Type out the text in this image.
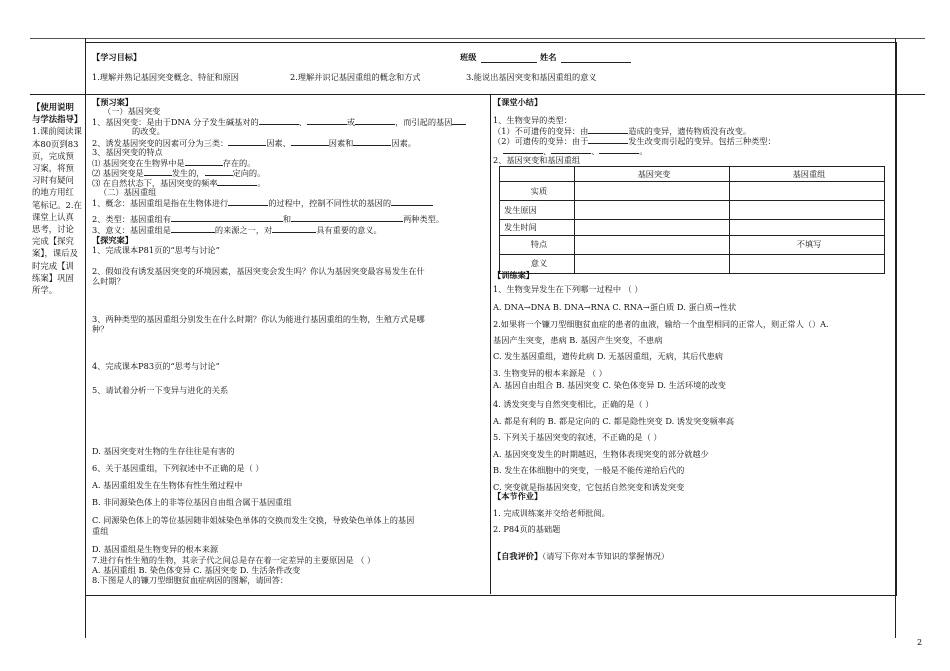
【学习目标】	班级	姓名
1.理解并熟记基因突变概念、特征和原因	2.理解并识记基因重组的概念和方式	3.能说出基因突变和基因重组的意义
【使用说明与学法指导】1.课前阅读课本80页到83页，完成预习案，将预习时有疑问的地方用红笔标记。2.在课堂上认真思考，讨论完成【探究案】，课后及时完成【训练案】巩固所学。
【预习案】
（一）基因突变
1、基因突变：是由于DNA 分子发生碱基对的	、	或	，而引起的基因
的改变。
2、诱发基因突变的因素可分为三类：	因素、	因素和	因素。
3、基因突变的特点
⑴ 基因突变在生物界中是	存在的。
⑵ 基因突变是	发生的，	定向的。
⑶ 在自然状态下，基因突变的频率	。
（二）基因重组
1、概念：基因重组是指在生物体进行	的过程中，控制不同性状的基因的
2、类型：基因重组有	和	两种类型。
3、意义：基因重组是	的来源之一，对	具有重要的意义。
【探究案】
1、完成课本P81页的“思考与讨论”
2、假如没有诱发基因突变的环境因素，基因突变会发生吗？你认为基因突变最容易发生在什
么时期？
3、两种类型的基因重组分别发生在什么时期？你认为能进行基因重组的生物，生殖方式是哪
种？
4、完成课本P83页的“思考与讨论”
5、请试着分析一下变异与进化的关系
D. 基因突变对生物的生存往往是有害的
6、关于基因重组，下列叙述中不正确的是（ ）
A. 基因重组发生在生物体有性生殖过程中
B. 非同源染色体上的非等位基因自由组合属于基因重组
C. 同源染色体上的等位基因随非姐妹染色单体的交换而发生交换，导致染色单体上的基因
重组
D. 基因重组是生物变异的根本来源
7.进行有性生殖的生物，其亲子代之间总是存在着一定差异的主要原因是 （ ）
A. 基因重组 B. 染色体变异 C. 基因突变 D. 生活条件改变
8.下图是人的镰刀型细胞贫血症病因的图解，请回答：
【课堂小结】
1、生物变异的类型：
（1）不可遗传的变异：由	造成的变异，遗传物质没有改变。
（2）可遗传的变异：由于	发生改变而引起的变异。包括三种类型：
、	、	。
2、基因突变和基因重组
	基因突变	基因重组
实质		
发生原因		
发生时间		
特点		不填写
意义		
【训练案】
1、生物变异发生在下列哪一过程中 （ ）
A. DNA→DNA B. DNA→RNA C. RNA→蛋白质 D. 蛋白质→性状
2.如果将一个镰刀型细胞贫血症的患者的血液，输给一个血型相同的正常人，则正常人（）A.
基因产生突变，患病 B. 基因产生突变，不患病
C. 发生基因重组，遗传此病 D. 无基因重组，无病，其后代患病
3. 生物变异的根本来源是 （ ）
A. 基因自由组合 B. 基因突变 C. 染色体变异 D. 生活环境的改变
4. 诱发突变与自然突变相比，正确的是（ ）
A. 都是有利的 B. 都是定向的 C. 都是隐性突变 D. 诱发突变频率高
5. 下列关于基因突变的叙述，不正确的是（ ）
A. 基因突变发生的时期越迟，生物体表现突变的部分就越少
B. 发生在体细胞中的突变，一般是不能传递给后代的
C. 突变就是指基因突变，它包括自然突变和诱发突变
【本节作业】
1. 完成训练案并交给老师批阅。
2. P84页的基础题
【自我评价】（请写下你对本节知识的掌握情况）
2
